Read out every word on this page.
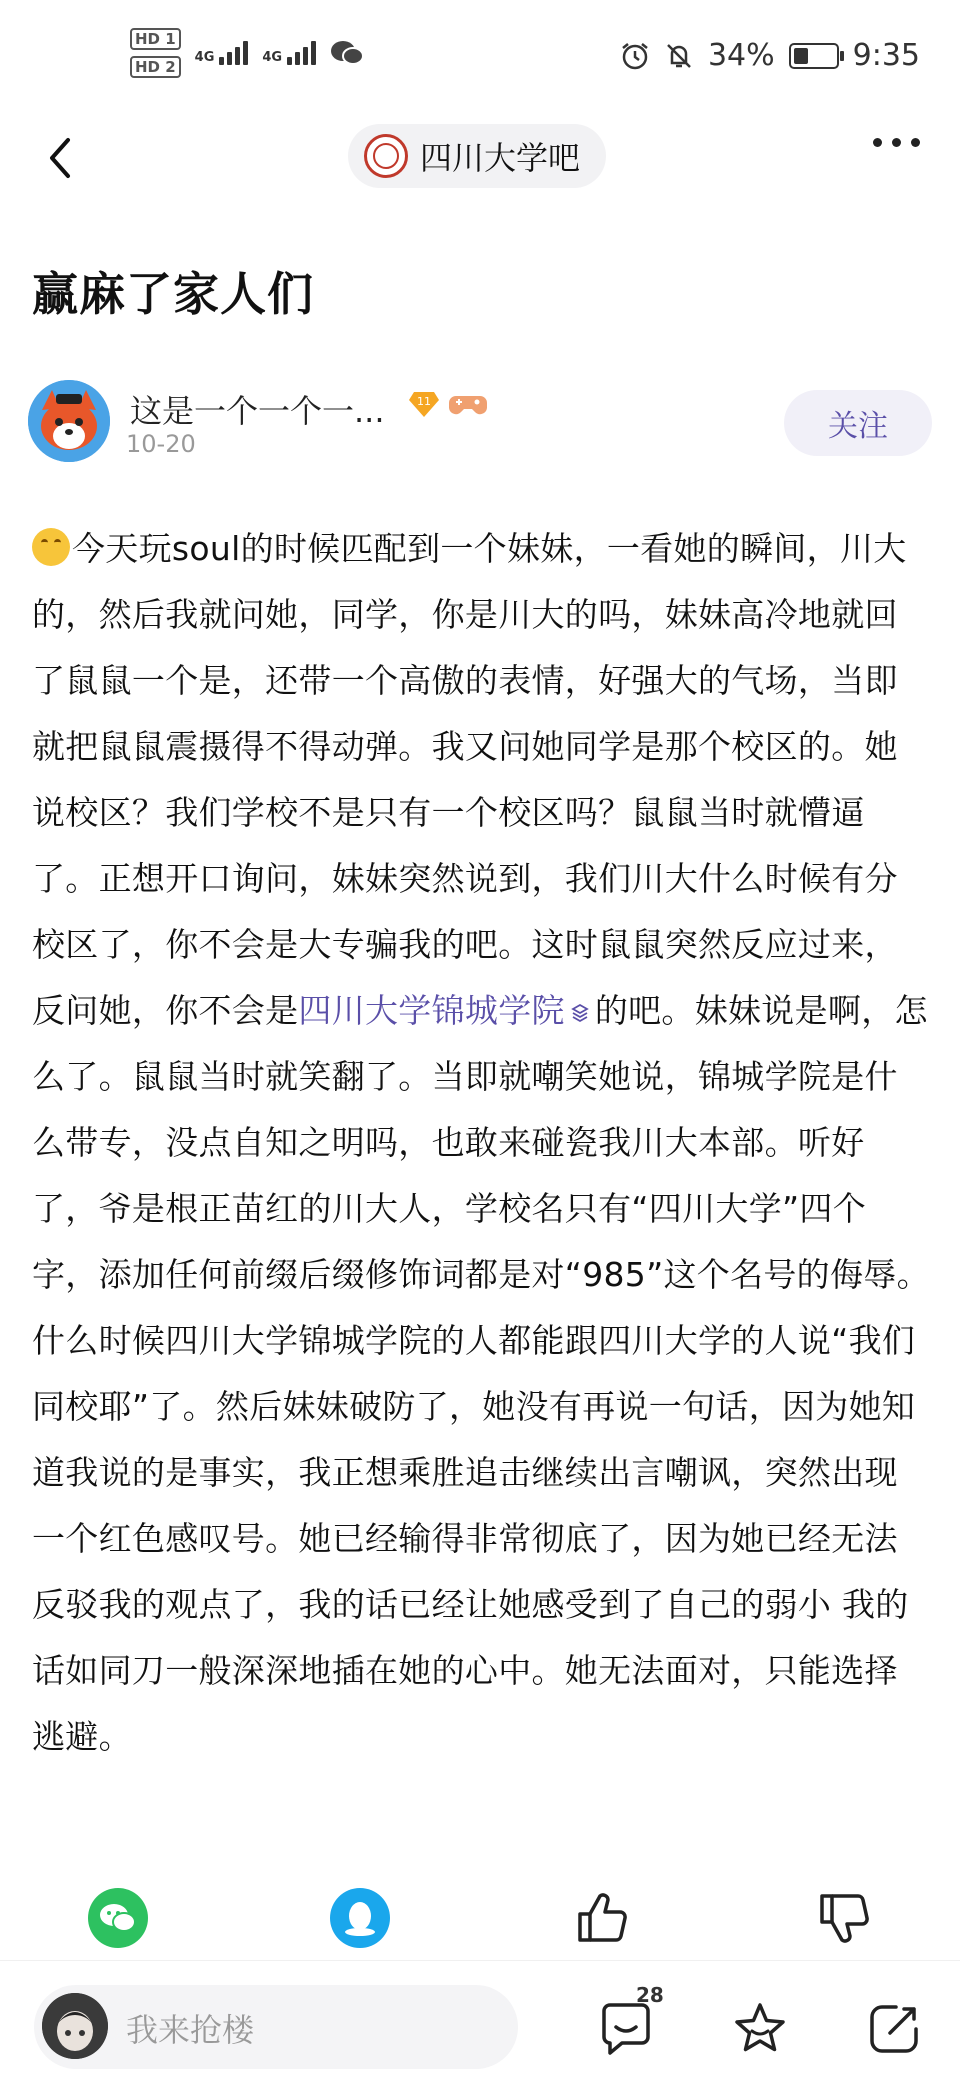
HD 1
HD 2
4G	4G	34%	9:35
四川大学吧
赢麻了家人们
这是一个一个一...	11
10-20	关注
今天玩soul的时候匹配到一个妹妹，一看她的瞬间，川大的，然后我就问她，同学，你是川大的吗，妹妹高冷地就回了鼠鼠一个是，还带一个高傲的表情，好强大的气场，当即就把鼠鼠震摄得不得动弹。我又问她同学是那个校区的。她说校区？我们学校不是只有一个校区吗？鼠鼠当时就懵逼了。正想开口询问，妹妹突然说到，我们川大什么时候有分校区了，你不会是大专骗我的吧。这时鼠鼠突然反应过来，反问她，你不会是四川大学锦城学院 的吧。妹妹说是啊，怎么了。鼠鼠当时就笑翻了。当即就嘲笑她说，锦城学院是什么带专，没点自知之明吗，也敢来碰瓷我川大本部。听好了，爷是根正苗红的川大人，学校名只有“四川大学”四个字，添加任何前缀后缀修饰词都是对“985”这个名号的侮辱。什么时候四川大学锦城学院的人都能跟四川大学的人说“我们同校耶”了。然后妹妹破防了，她没有再说一句话，因为她知道我说的是事实，我正想乘胜追击继续出言嘲讽，突然出现一个红色感叹号。她已经输得非常彻底了，因为她已经无法反驳我的观点了，我的话已经让她感受到了自己的弱小 我的话如同刀一般深深地插在她的心中。她无法面对，只能选择逃避。
我来抢楼
28
